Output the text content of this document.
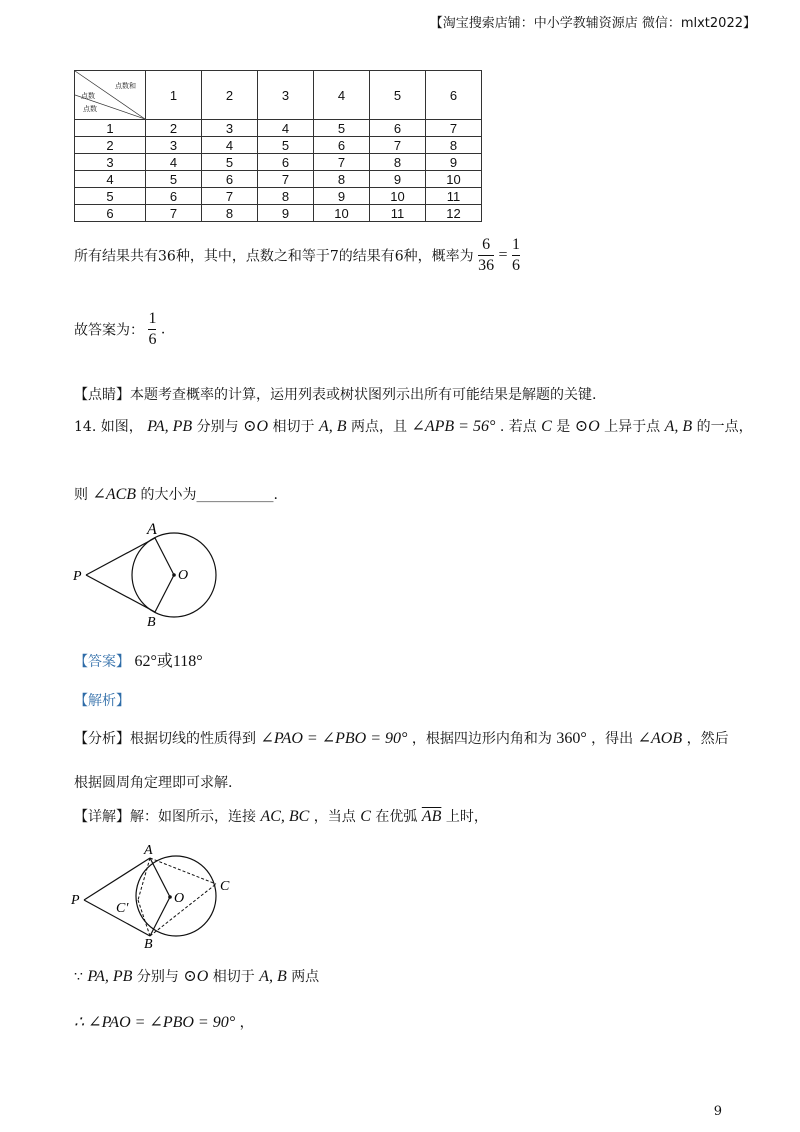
【淘宝搜索店铺：中小学教辅资源店 微信：mlxt2022】
点数和
点数
点数	1	2	3	4	5	6
1	2	3	4	5	6	7
2	3	4	5	6	7	8
3	4	5	6	7	8	9
4	5	6	7	8	9	10
5	6	7	8	9	10	11
6	7	8	9	10	11	12
所有结果共有36种，其中，点数之和等于7的结果有6种，概率为 $\frac{6}{36} = \frac{1}{6}$
故答案为： $\frac{1}{6}$ .
【点睛】本题考查概率的计算，运用列表或树状图列示出所有可能结果是解题的关键.
14. 如图， PA, PB 分别与 ⊙O 相切于 A, B 两点，且 ∠APB = 56° . 若点 C 是 ⊙O 上异于点 A, B 的一点，
则 ∠ACB 的大小为___________.
A
B
P	O
【答案】 62°或118°
【解析】
【分析】根据切线的性质得到 ∠PAO = ∠PBO = 90° ，根据四边形内角和为 360° ，得出 ∠AOB ，然后
根据圆周角定理即可求解.
【详解】解：如图所示，连接 AC, BC ，当点 C 在优弧 $\overline{AB}$ 上时，
A
B
P	O
C
C′
∵ PA, PB 分别与 ⊙O 相切于 A, B 两点
∴ ∠PAO = ∠PBO = 90° ，
9
